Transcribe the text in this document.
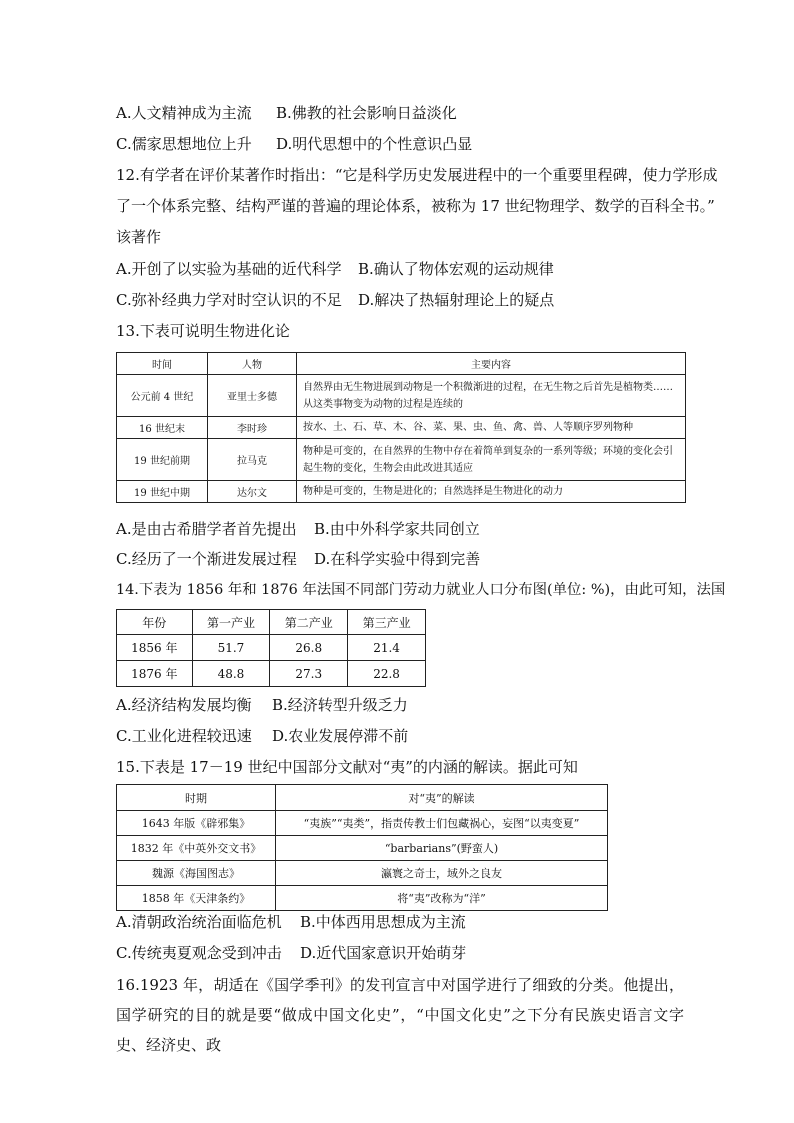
A.人文精神成为主流 B.佛教的社会影响日益淡化
C.儒家思想地位上升 D.明代思想中的个性意识凸显
12.有学者在评价某著作时指出：“它是科学历史发展进程中的一个重要里程碑，使力学形成
了一个体系完整、结构严谨的普遍的理论体系，被称为 17 世纪物理学、数学的百科全书。”
该著作
A.开创了以实验为基础的近代科学 B.确认了物体宏观的运动规律
C.弥补经典力学对时空认识的不足 D.解决了热辐射理论上的疑点
13.下表可说明生物进化论
时间	人物	主要内容
公元前 4 世纪	亚里士多德	自然界由无生物进展到动物是一个积微渐进的过程，在无生物之后首先是植物类……从这类事物变为动物的过程是连续的
16 世纪末	李时珍	按水、土、石、草、木、谷、菜、果、虫、鱼、禽、兽、人等顺序罗列物种
19 世纪前期	拉马克	物种是可变的，在自然界的生物中存在着简单到复杂的一系列等级；环境的变化会引起生物的变化，生物会由此改进其适应
19 世纪中期	达尔文	物种是可变的，生物是进化的；自然选择是生物进化的动力
A.是由古希腊学者首先提出 B.由中外科学家共同创立
C.经历了一个渐进发展过程 D.在科学实验中得到完善
14.下表为 1856 年和 1876 年法国不同部门劳动力就业人口分布图(单位: %)，由此可知，法国
年份	第一产业	第二产业	第三产业
1856 年	51.7	26.8	21.4
1876 年	48.8	27.3	22.8
A.经济结构发展均衡 B.经济转型升级乏力
C.工业化进程较迅速 D.农业发展停滞不前
15.下表是 17－19 世纪中国部分文献对“夷”的内涵的解读。据此可知
时期	对“夷”的解读
1643 年版《辟邪集》	“夷族”“夷类”，指责传教士们包藏祸心，妄图“以夷变夏”
1832 年《中英外交文书》	“barbarians”(野蛮人)
魏源《海国图志》	瀛寰之奇士，域外之良友
1858 年《天津条约》	将“夷”改称为“洋”
A.清朝政治统治面临危机 B.中体西用思想成为主流
C.传统夷夏观念受到冲击 D.近代国家意识开始萌芽
16.1923 年，胡适在《国学季刊》的发刊宣言中对国学进行了细致的分类。他提出，国学研究的目的就是要“做成中国文化史”，“中国文化史”之下分有民族史语言文字史、经济史、政
